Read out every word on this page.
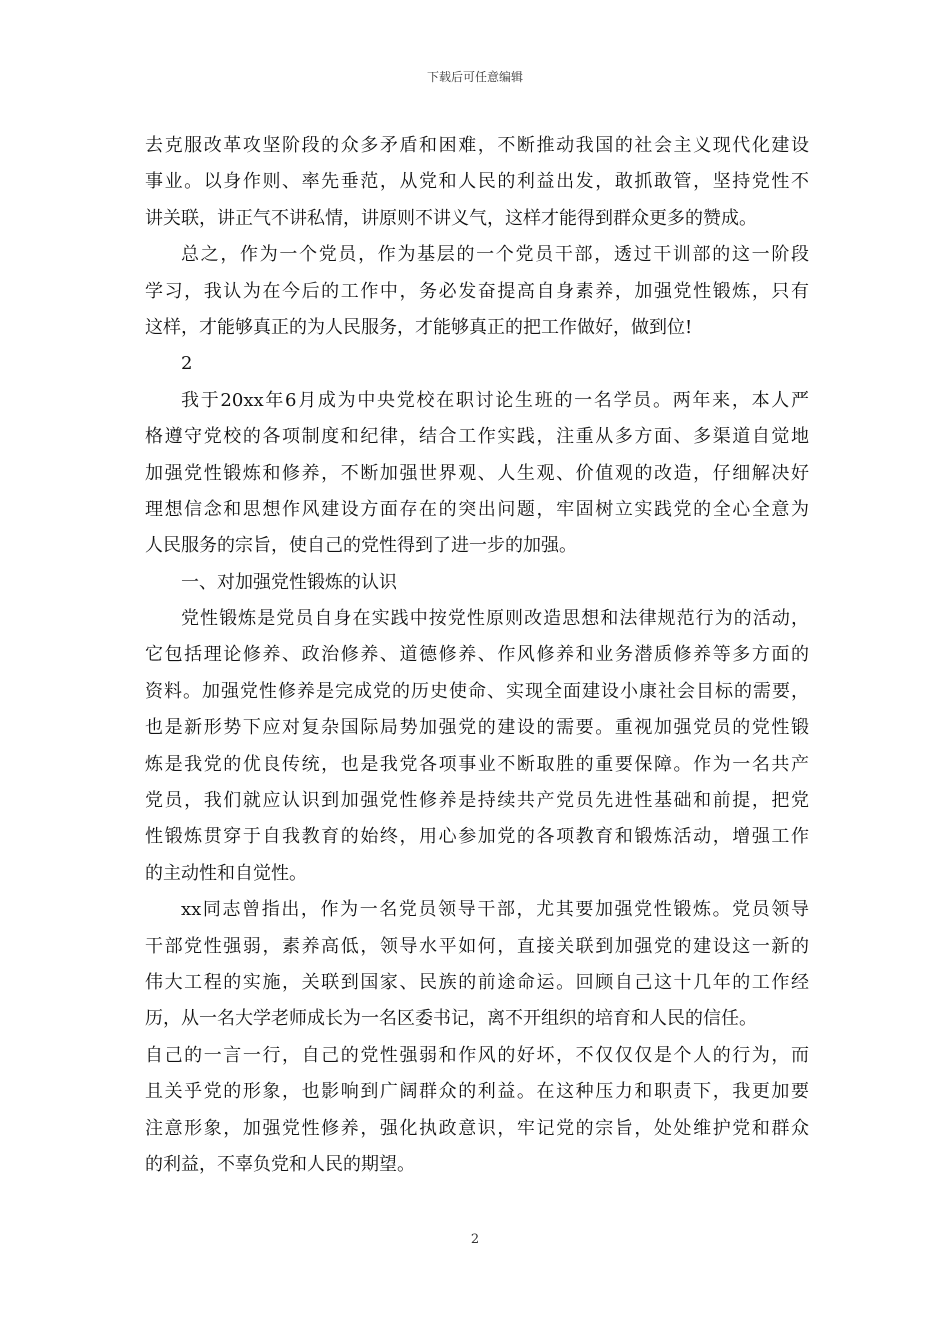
下载后可任意编辑
去克服改革攻坚阶段的众多矛盾和困难，不断推动我国的社会主义现代化建设
事业。以身作则、率先垂范，从党和人民的利益出发，敢抓敢管，坚持党性不
讲关联，讲正气不讲私情，讲原则不讲义气，这样才能得到群众更多的赞成。
总之，作为一个党员，作为基层的一个党员干部，透过干训部的这一阶段
学习，我认为在今后的工作中，务必发奋提高自身素养，加强党性锻炼，只有
这样，才能够真正的为人民服务，才能够真正的把工作做好，做到位!
2
我于20xx年6月成为中央党校在职讨论生班的一名学员。两年来，本人严
格遵守党校的各项制度和纪律，结合工作实践，注重从多方面、多渠道自觉地
加强党性锻炼和修养，不断加强世界观、人生观、价值观的改造，仔细解决好
理想信念和思想作风建设方面存在的突出问题，牢固树立实践党的全心全意为
人民服务的宗旨，使自己的党性得到了进一步的加强。
一、对加强党性锻炼的认识
党性锻炼是党员自身在实践中按党性原则改造思想和法律规范行为的活动，
它包括理论修养、政治修养、道德修养、作风修养和业务潜质修养等多方面的
资料。加强党性修养是完成党的历史使命、实现全面建设小康社会目标的需要，
也是新形势下应对复杂国际局势加强党的建设的需要。重视加强党员的党性锻
炼是我党的优良传统，也是我党各项事业不断取胜的重要保障。作为一名共产
党员，我们就应认识到加强党性修养是持续共产党员先进性基础和前提，把党
性锻炼贯穿于自我教育的始终，用心参加党的各项教育和锻炼活动，增强工作
的主动性和自觉性。
xx同志曾指出，作为一名党员领导干部，尤其要加强党性锻炼。党员领导
干部党性强弱，素养高低，领导水平如何，直接关联到加强党的建设这一新的
伟大工程的实施，关联到国家、民族的前途命运。回顾自己这十几年的工作经
历，从一名大学老师成长为一名区委书记，离不开组织的培育和人民的信任。
自己的一言一行，自己的党性强弱和作风的好坏，不仅仅仅是个人的行为，而
且关乎党的形象，也影响到广阔群众的利益。在这种压力和职责下，我更加要
注意形象，加强党性修养，强化执政意识，牢记党的宗旨，处处维护党和群众
的利益，不辜负党和人民的期望。
2
